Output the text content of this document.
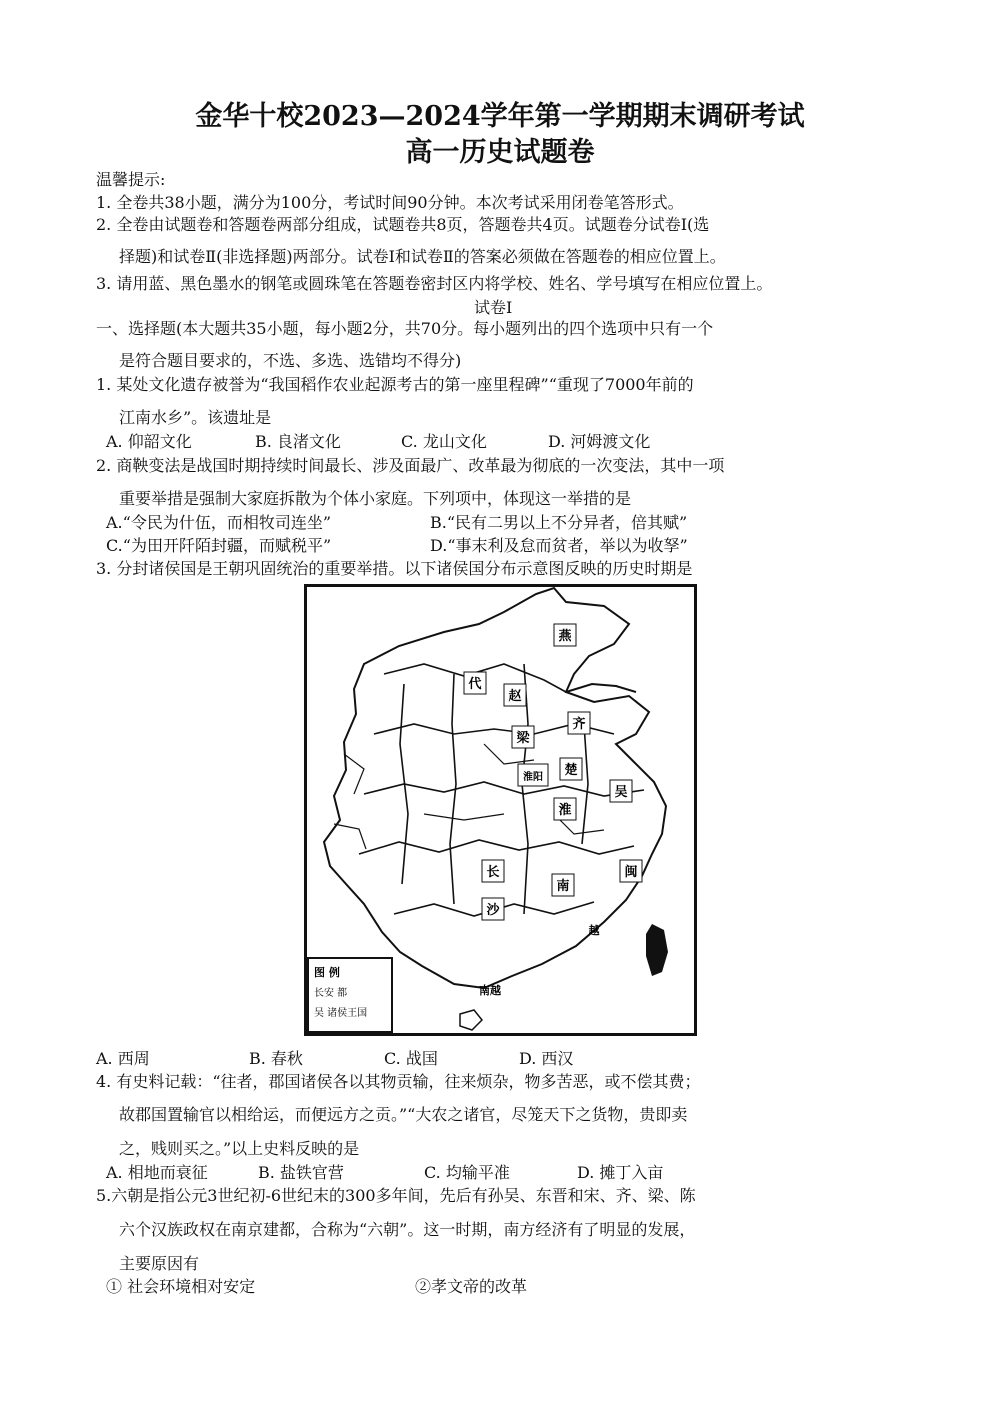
金华十校2023—2024学年第一学期期末调研考试
高一历史试题卷
温馨提示:
1. 全卷共38小题，满分为100分，考试时间90分钟。本次考试采用闭卷笔答形式。
2. 全卷由试题卷和答题卷两部分组成，试题卷共8页，答题卷共4页。试题卷分试卷Ⅰ(选
择题)和试卷Ⅱ(非选择题)两部分。试卷Ⅰ和试卷Ⅱ的答案必须做在答题卷的相应位置上。
3. 请用蓝、黑色墨水的钢笔或圆珠笔在答题卷密封区内将学校、姓名、学号填写在相应位置上。
试卷Ⅰ
一、选择题(本大题共35小题，每小题2分，共70分。每小题列出的四个选项中只有一个
是符合题目要求的，不选、多选、选错均不得分)
1. 某处文化遗存被誉为“我国稻作农业起源考古的第一座里程碑”“重现了7000年前的
江南水乡”。该遗址是
A. 仰韶文化	B. 良渚文化	C. 龙山文化	D. 河姆渡文化
2. 商鞅变法是战国时期持续时间最长、涉及面最广、改革最为彻底的一次变法，其中一项
重要举措是强制大家庭拆散为个体小家庭。下列项中，体现这一举措的是
A.“令民为什伍，而相牧司连坐”	B.“民有二男以上不分异者，倍其赋”
C.“为田开阡陌封疆，而赋税平”	D.“事末利及怠而贫者，举以为收孥”
3. 分封诸侯国是王朝巩固统治的重要举措。以下诸侯国分布示意图反映的历史时期是
燕
代
赵
齐
梁
淮
吴
楚
淮阳
长
沙
南
越
闽
南越
图 例
长安 都
吴 诸侯王国
A. 西周	B. 春秋	C. 战国	D. 西汉
4. 有史料记载：“往者，郡国诸侯各以其物贡输，往来烦杂，物多苦恶，或不偿其费；
故郡国置输官以相给运，而便远方之贡。”“大农之诸官，尽笼天下之货物，贵即卖
之，贱则买之。”以上史料反映的是
A. 相地而衰征	B. 盐铁官营	C. 均输平准	D. 摊丁入亩
5.六朝是指公元3世纪初-6世纪末的300多年间，先后有孙吴、东晋和宋、齐、梁、陈
六个汉族政权在南京建都，合称为“六朝”。这一时期，南方经济有了明显的发展，
主要原因有
① 社会环境相对安定	②孝文帝的改革
